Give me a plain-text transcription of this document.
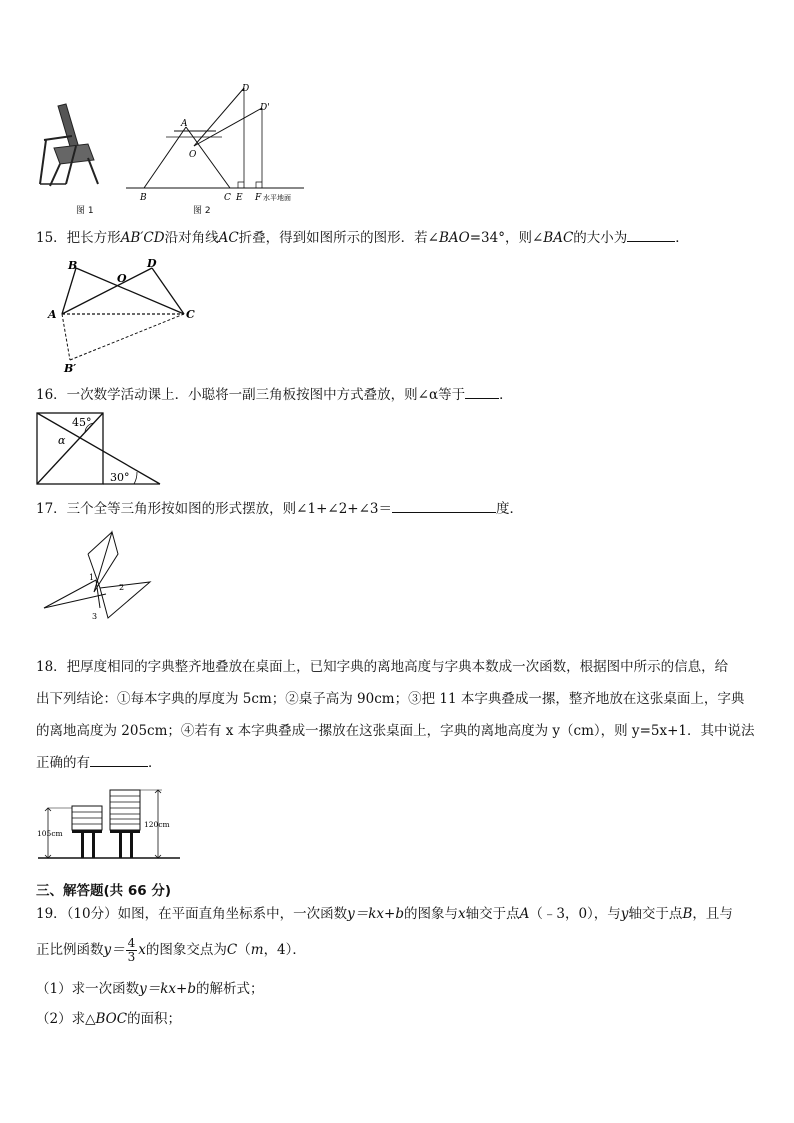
图 1
A
O
B	C
D
D'
E F 水平地面
图 2
15．把长方形AB′CD沿对角线AC折叠，得到如图所示的图形．若∠BAO=34°，则∠BAC的大小为	．
B
O
D
A	C
B′
16．一次数学活动课上．小聪将一副三角板按图中方式叠放，则∠α等于	．
45°
α
30°
17．三个全等三角形按如图的形式摆放，则∠1+∠2+∠3＝	度．
1
2
3
18．把厚度相同的字典整齐地叠放在桌面上，已知字典的离地高度与字典本数成一次函数，根据图中所示的信息，给
出下列结论：①每本字典的厚度为 5cm；②桌子高为 90cm；③把 11 本字典叠成一摞，整齐地放在这张桌面上，字典
的离地高度为 205cm；④若有 x 本字典叠成一摞放在这张桌面上，字典的离地高度为 y（cm），则 y=5x+1．其中说法
正确的有	．
105cm
120cm
三、解答题(共 66 分)
19．（10分）如图，在平面直角坐标系中，一次函数y＝kx+b的图象与x轴交于点A（﹣3，0），与y轴交于点B，且与
正比例函数$y= \frac{4}{3}$ x的图象交点为C（m，4）．
（1）求一次函数y＝kx+b的解析式；
（2）求△BOC的面积；
